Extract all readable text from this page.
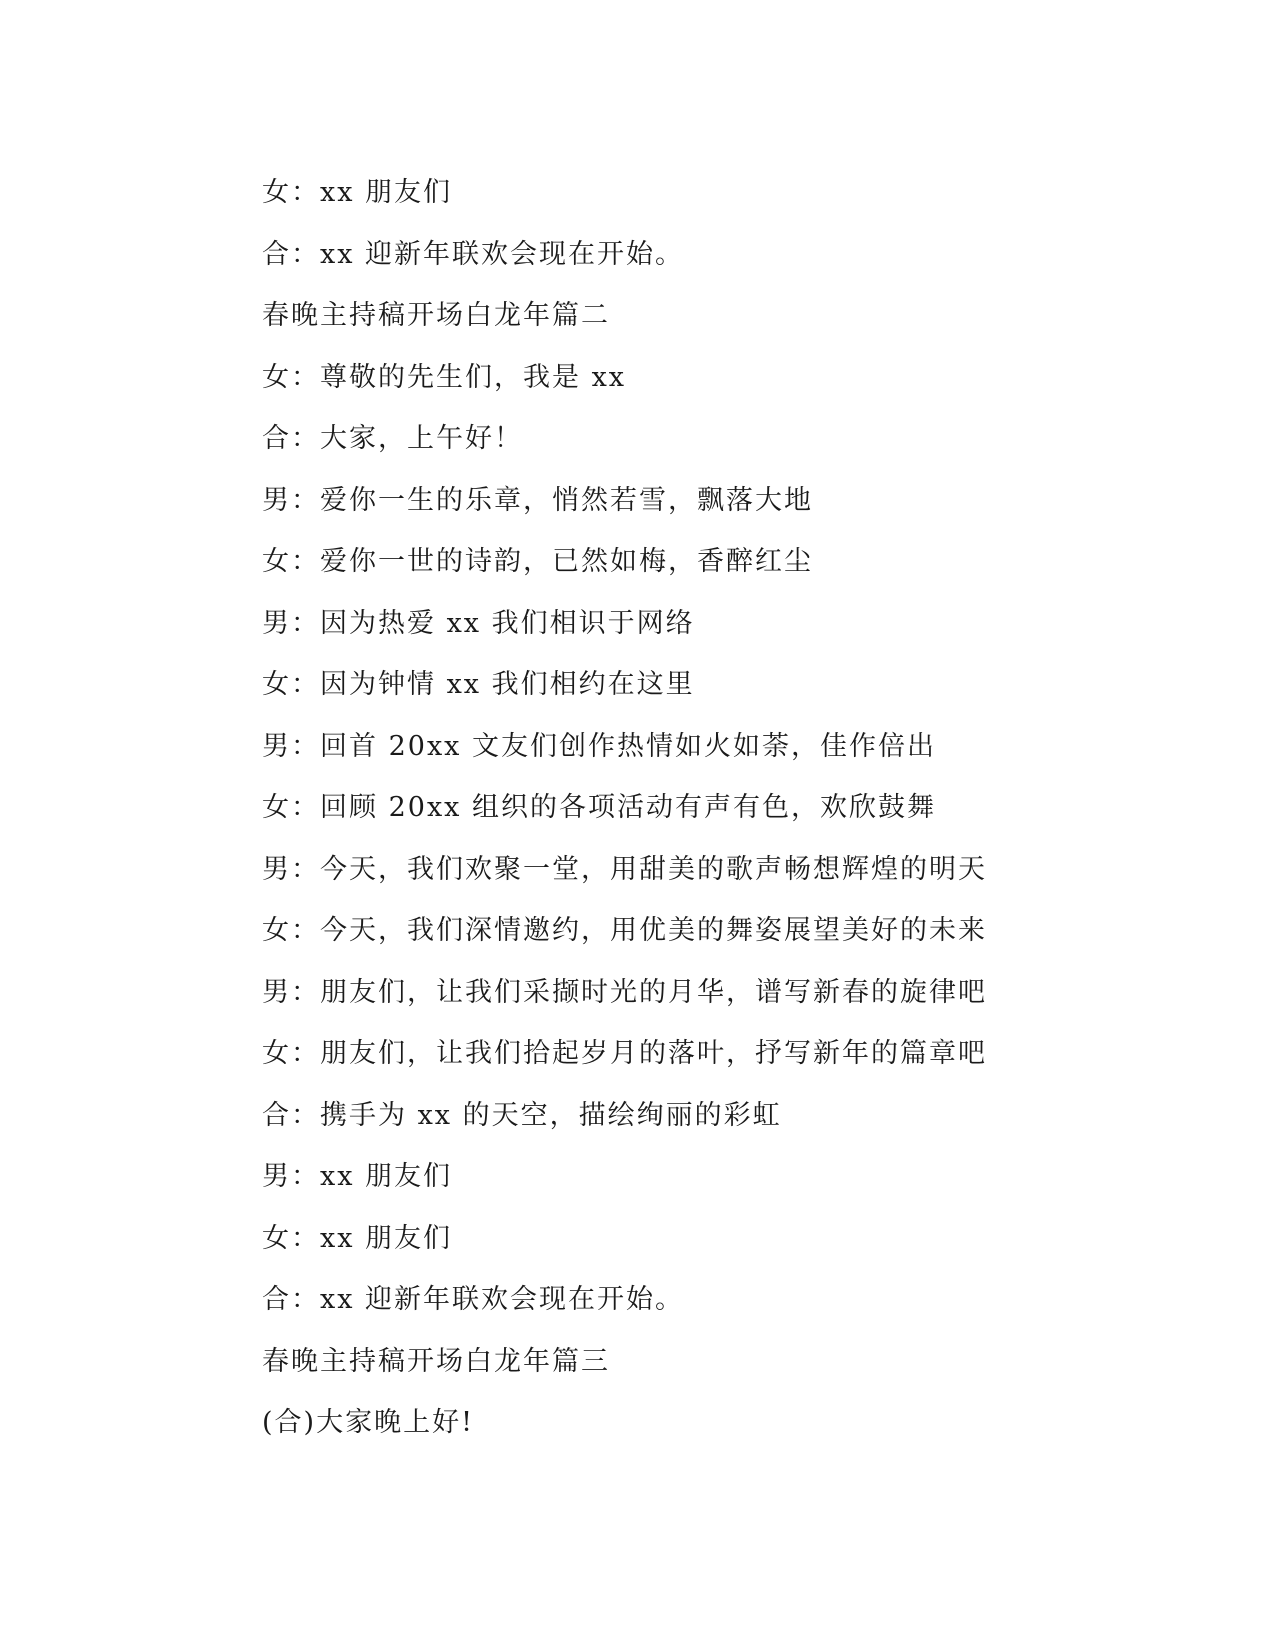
女：xx 朋友们
合：xx 迎新年联欢会现在开始。
春晚主持稿开场白龙年篇二
女：尊敬的先生们，我是 xx
合：大家，上午好！
男：爱你一生的乐章，悄然若雪，飘落大地
女：爱你一世的诗韵，已然如梅，香醉红尘
男：因为热爱 xx 我们相识于网络
女：因为钟情 xx 我们相约在这里
男：回首 20xx 文友们创作热情如火如荼，佳作倍出
女：回顾 20xx 组织的各项活动有声有色，欢欣鼓舞
男：今天，我们欢聚一堂，用甜美的歌声畅想辉煌的明天
女：今天，我们深情邀约，用优美的舞姿展望美好的未来
男：朋友们，让我们采撷时光的月华，谱写新春的旋律吧
女：朋友们，让我们拾起岁月的落叶，抒写新年的篇章吧
合：携手为 xx 的天空，描绘绚丽的彩虹
男：xx 朋友们
女：xx 朋友们
合：xx 迎新年联欢会现在开始。
春晚主持稿开场白龙年篇三
(合)大家晚上好!
